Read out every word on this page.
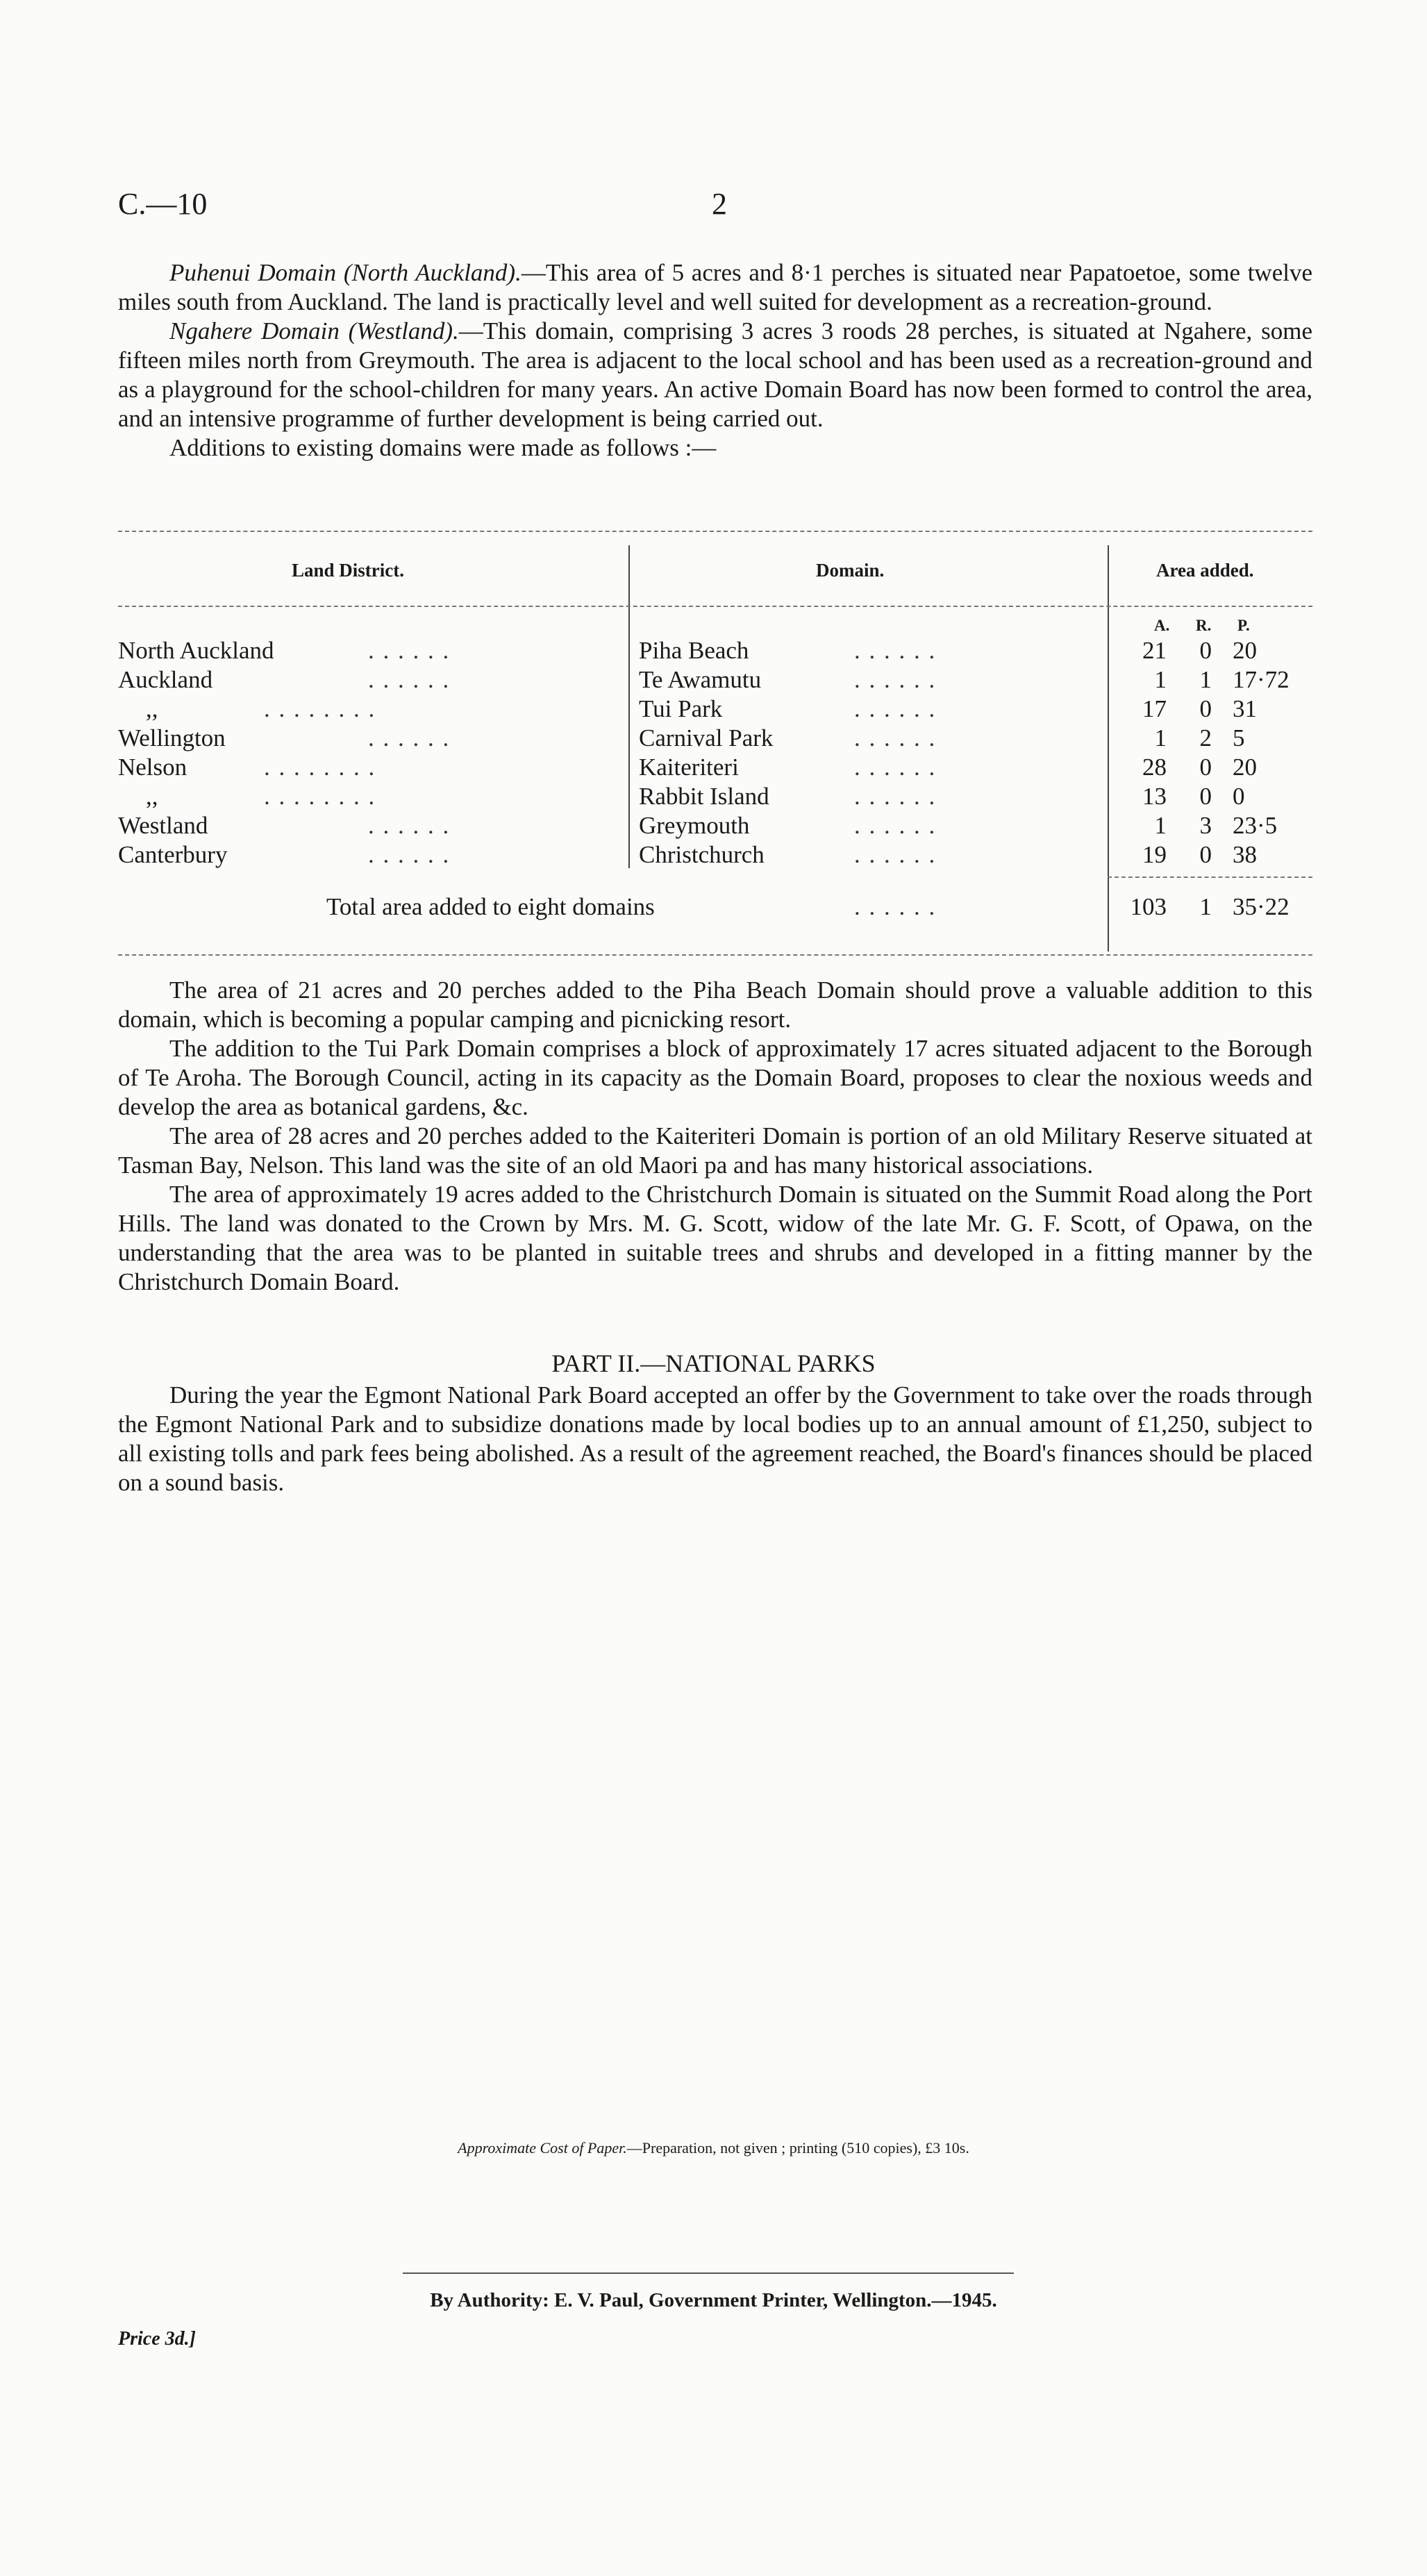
C.—10	2

Puhenui Domain (North Auckland).—This area of 5 acres and 8·1 perches is situated near Papatoetoe, some twelve miles south from Auckland. The land is practically level and well suited for development as a recreation-ground.

Ngahere Domain (Westland).—This domain, comprising 3 acres 3 roods 28 perches, is situated at Ngahere, some fifteen miles north from Greymouth. The area is adjacent to the local school and has been used as a recreation-ground and as a playground for the school-children for many years. An active Domain Board has now been formed to control the area, and an intensive programme of further development is being carried out.

Additions to existing domains were made as follows :—

Land District.	Domain.	Area added.
A. R. P.
North Auckland	. . . . . .	Piha Beach	. . . . . .	21	0 20
Auckland	. . . . . .	Te Awamutu	. . . . . .	1	1 17·72
,,	. . . . . . . .	Tui Park	. . . . . .	17	0 31
Wellington	. . . . . .	Carnival Park	. . . . . .	1	2 5
Nelson	. . . . . . . .	Kaiteriteri	. . . . . .	28	0 20
,,	. . . . . . . .	Rabbit Island	. . . . . .	13	0 0
Westland	. . . . . .	Greymouth	. . . . . .	1	3 23·5
Canterbury	. . . . . .	Christchurch	. . . . . .	19	0 38
Total area added to eight domains	. . . . . .	103	1 35·22

The area of 21 acres and 20 perches added to the Piha Beach Domain should prove a valuable addition to this domain, which is becoming a popular camping and picnicking resort.

The addition to the Tui Park Domain comprises a block of approximately 17 acres situated adjacent to the Borough of Te Aroha. The Borough Council, acting in its capacity as the Domain Board, proposes to clear the noxious weeds and develop the area as botanical gardens, &c.

The area of 28 acres and 20 perches added to the Kaiteriteri Domain is portion of an old Military Reserve situated at Tasman Bay, Nelson. This land was the site of an old Maori pa and has many historical associations.

The area of approximately 19 acres added to the Christchurch Domain is situated on the Summit Road along the Port Hills. The land was donated to the Crown by Mrs. M. G. Scott, widow of the late Mr. G. F. Scott, of Opawa, on the understanding that the area was to be planted in suitable trees and shrubs and developed in a fitting manner by the Christchurch Domain Board.

PART II.—NATIONAL PARKS

During the year the Egmont National Park Board accepted an offer by the Government to take over the roads through the Egmont National Park and to subsidize donations made by local bodies up to an annual amount of £1,250, subject to all existing tolls and park fees being abolished. As a result of the agreement reached, the Board's finances should be placed on a sound basis.

Approximate Cost of Paper.—Preparation, not given ; printing (510 copies), £3 10s.
By Authority: E. V. Paul, Government Printer, Wellington.—1945.
Price 3d.]
